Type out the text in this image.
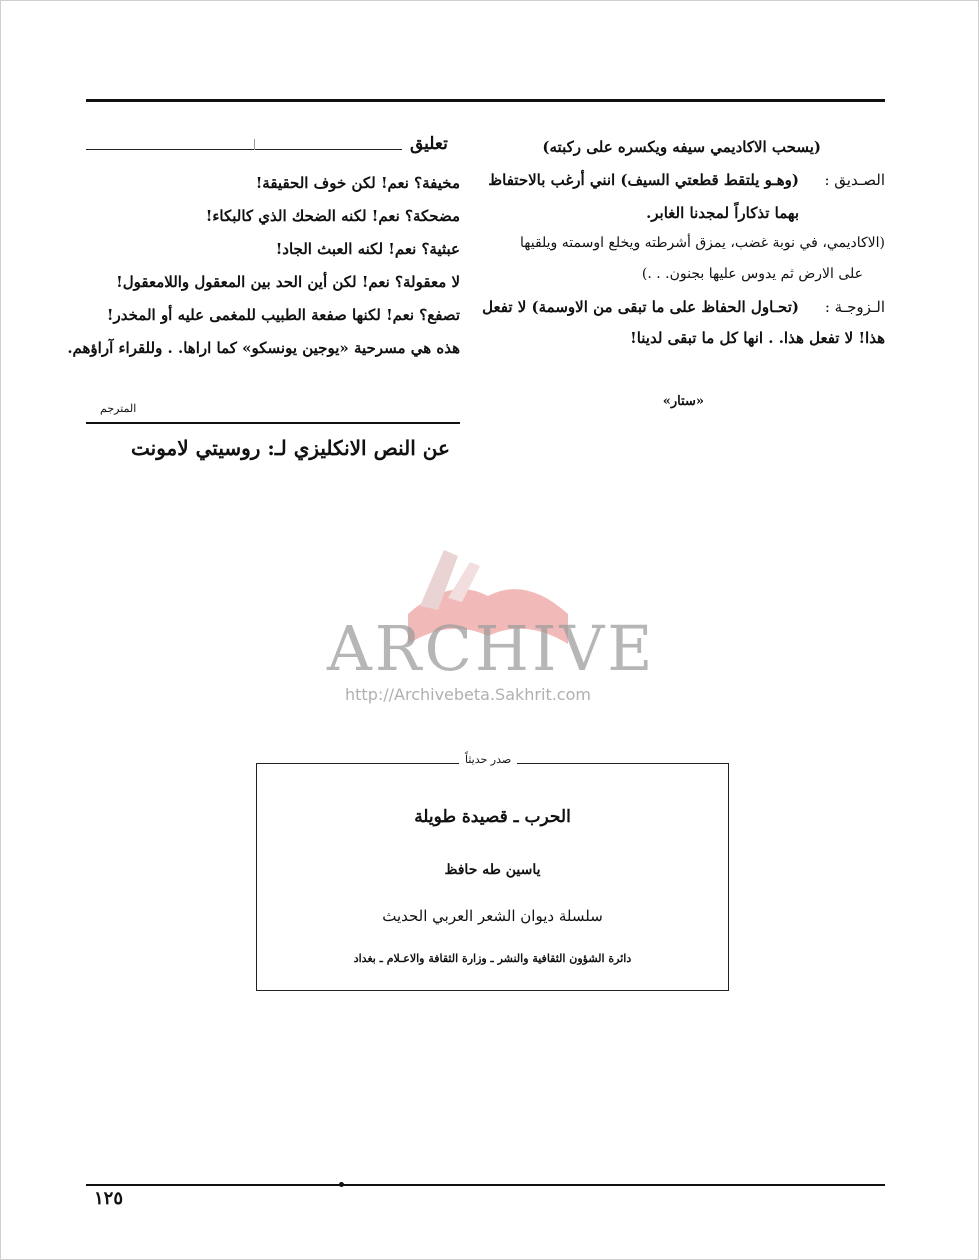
(يسحب الاكاديمي سيفه ويكسره على ركبته)
الصـديق :
(وهـو يلتقط قطعتي السيف) انني أرغب بالاحتفاظ
بهما تذكاراً لمجدنا الغابر.
(الاكاديمي، في نوبة غضب، يمزق أشرطته ويخلع اوسمته ويلقيها
على الارض ثم يدوس عليها بجنون. . .)
الـزوجـة :
(تحـاول الحفاظ على ما تبقى من الاوسمة) لا تفعل
هذا! لا تفعل هذا. . انها كل ما تبقى لدينا!
«ستار»
تعليق
مخيفة؟ نعم! لكن خوف الحقيقة!
مضحكة؟ نعم! لكنه الضحك الذي كالبكاء!
عبثية؟ نعم! لكنه العبث الجاد!
لا معقولة؟ نعم! لكن أين الحد بين المعقول واللامعقول!
تصفع؟ نعم! لكنها صفعة الطبيب للمغمى عليه أو المخدر!
هذه هي مسرحية «يوجين يونسكو» كما اراها. . وللقراء آراؤهم.
المترجم
عن النص الانكليزي لـ: روسيتي لامونت
ARCHIVE
http://Archivebeta.Sakhrit.com
صدر حديثاً
الحرب ـ قصيدة طويلة
ياسين طه حافظ
سلسلة ديوان الشعر العربي الحديث
دائرة الشؤون الثقافية والنشر ـ وزارة الثقافة والاعـلام ـ بغداد
١٢٥
